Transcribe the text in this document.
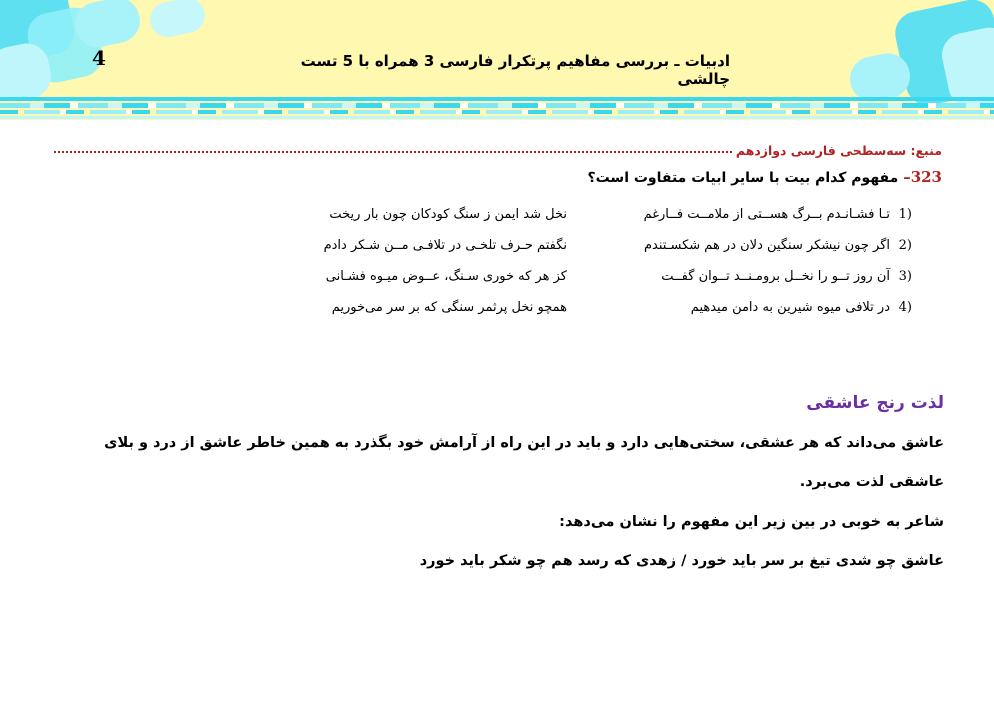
4	ادبیات ـ بررسی مفاهیم پرتکرار فارسی 3 همراه با 5 تست چالشی
منبع: سه‌سطحی فارسی دوازدهم
323– مفهوم کدام بیت با سایر ابیات متفاوت است؟
1)
تـا فشـانـدم بــرگ هســتی از ملامــت فــارغم
نخل شد ایمن ز سنگ کودکان چون بار ریخت
2)
اگر چون نیشکر سنگین دلان در هم شکسـتندم
نگفتم حـرف تلخـی در تلافـی مــن شـکر دادم
3)
آن روز تــو را نخــل برومـنــد تــوان گفــت
کز هر که خوری سـنگ، عــوض میـوه فشـانی
4)
در تلافی میوه شیرین به دامن میدهیم
همچو نخل پرثمر سنگی که بر سر می‌خوریم
لذت رنج عاشقی
عاشق می‌داند که هر عشقی، سختی‌هایی دارد و باید در این راه از آرامش خود بگذرد به همین خاطر عاشق از درد و بلای
عاشقی لذت می‌برد.
شاعر به خوبی در بین زیر این مفهوم را نشان می‌دهد:
عاشق چو شدی تیغ بر سر باید خورد / زهدی که رسد هم چو شکر باید خورد
